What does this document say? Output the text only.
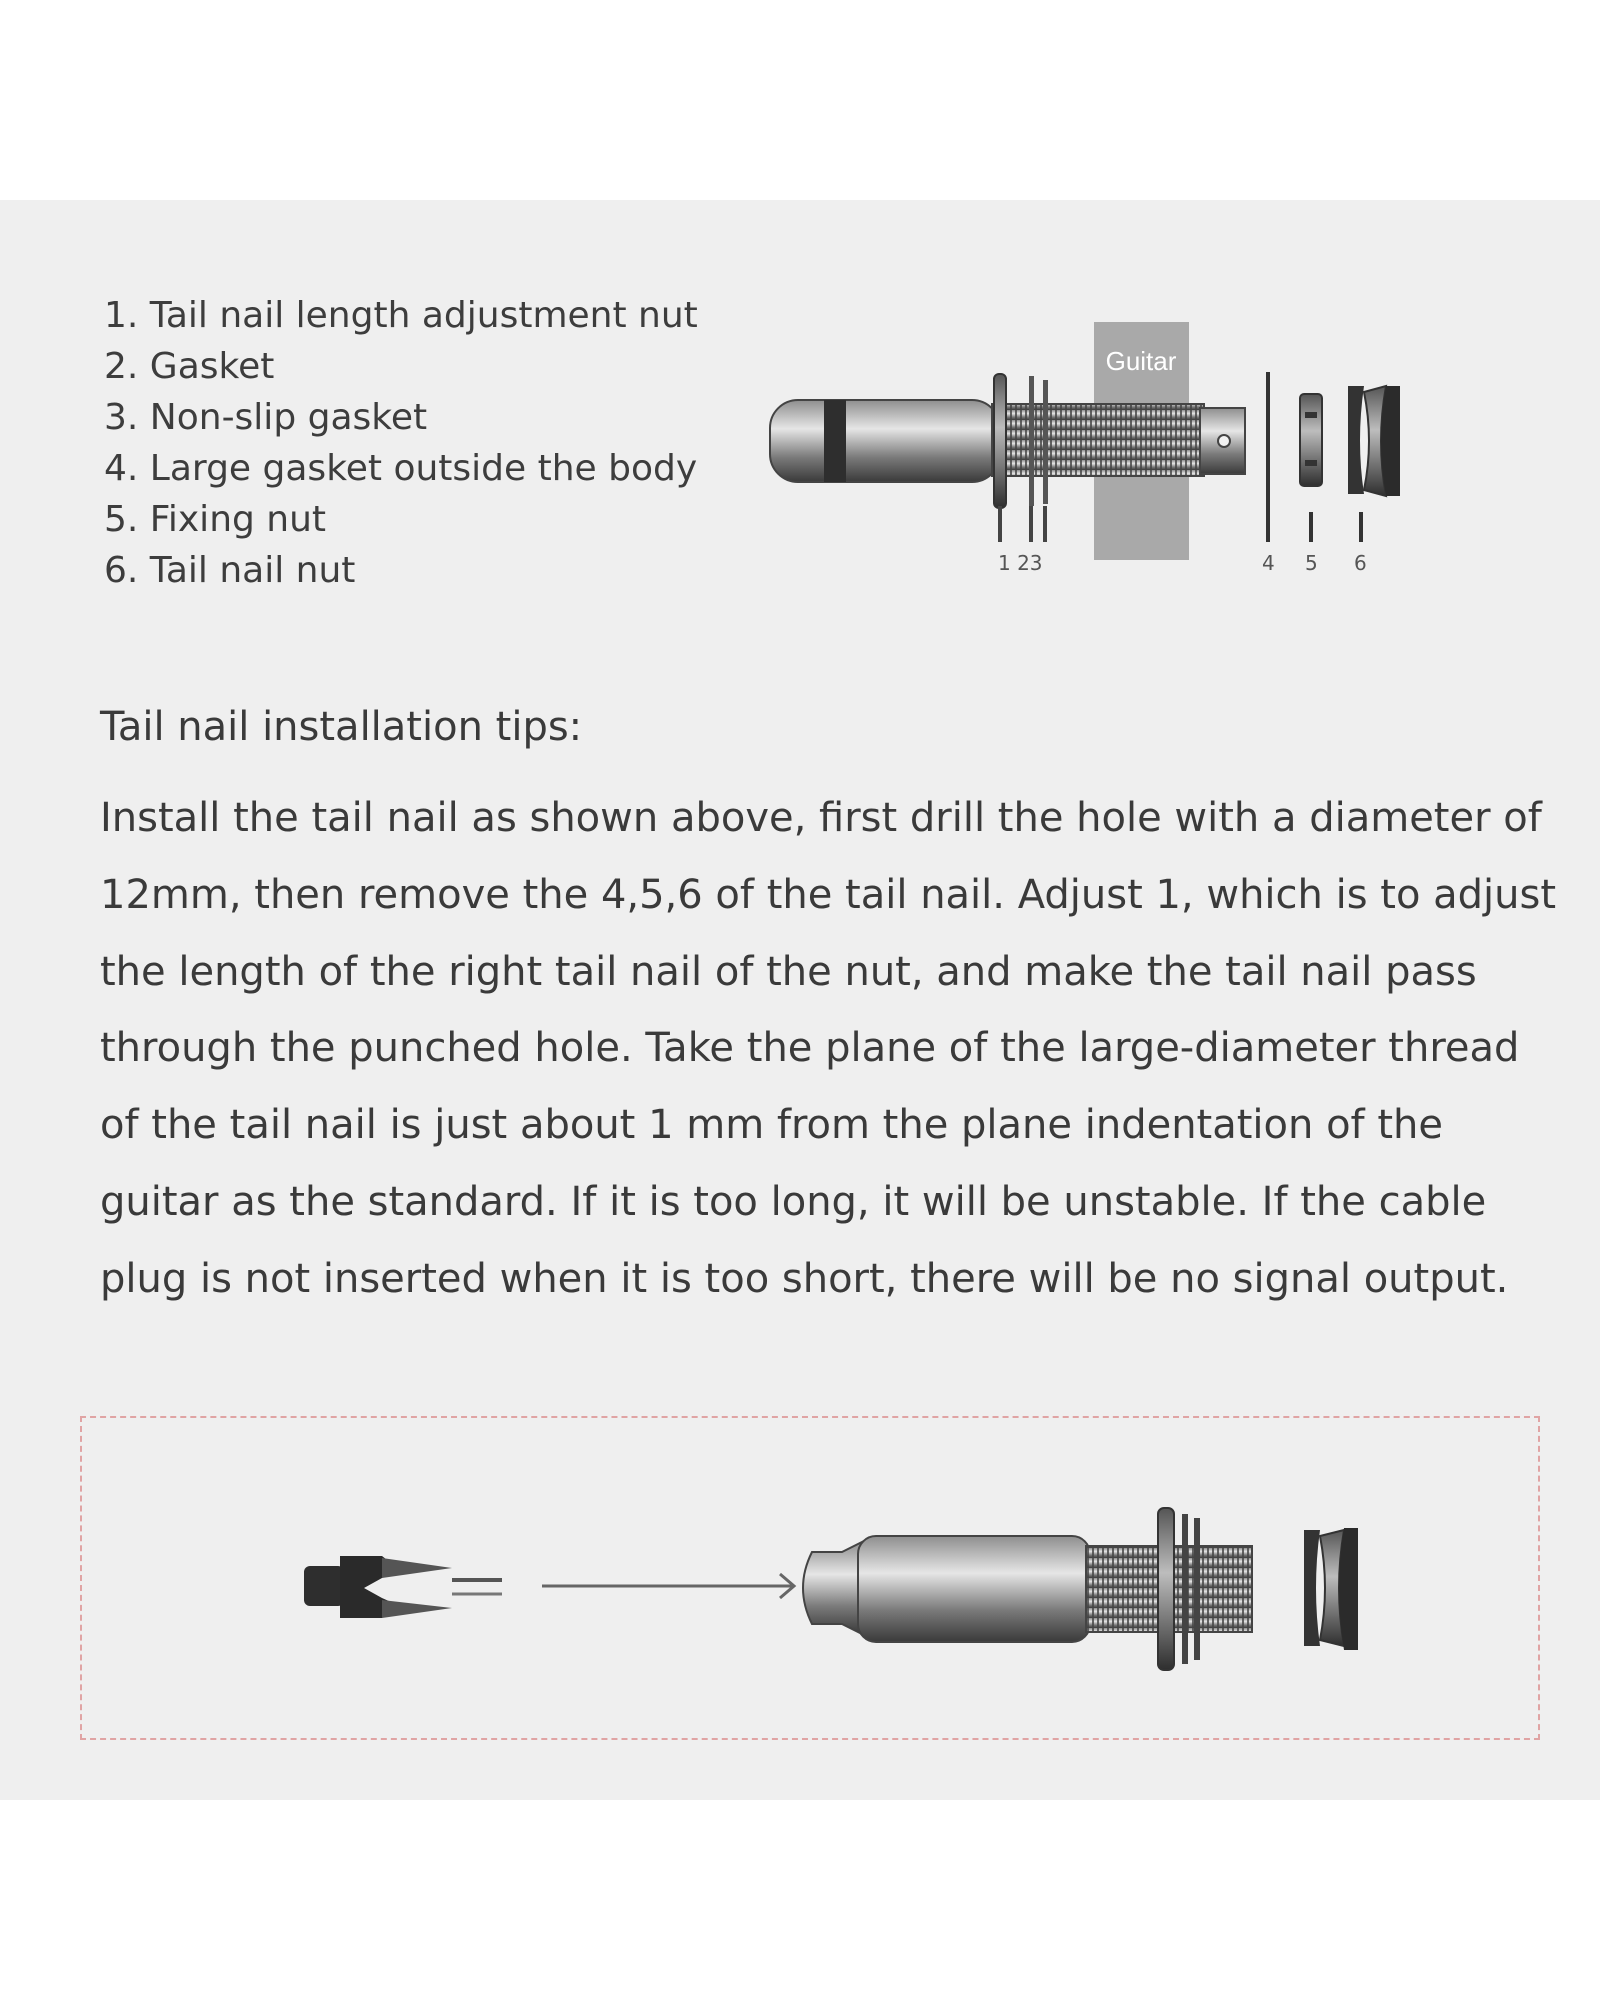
1. Tail nail length adjustment nut
2. Gasket
3. Non-slip gasket
4. Large gasket outside the body
5. Fixing nut
6. Tail nail nut
Guitar
1 23	4 5 6
Tail nail installation tips:

Install the tail nail as shown above, first drill the hole with a diameter of
12mm, then remove the 4,5,6 of the tail nail. Adjust 1, which is to adjust
the length of the right tail nail of the nut, and make the tail nail pass
through the punched hole. Take the plane of the large-diameter thread
of the tail nail is just about 1 mm from the plane indentation of the
guitar as the standard. If it is too long, it will be unstable. If the cable
plug is not inserted when it is too short, there will be no signal output.
